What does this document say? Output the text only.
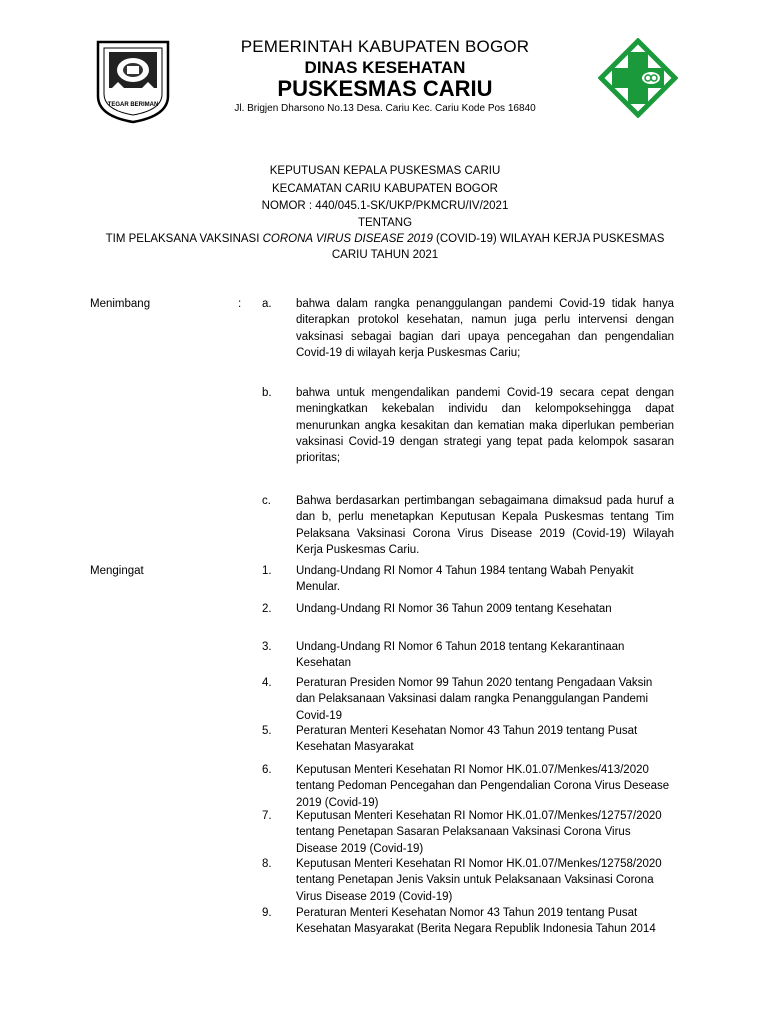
TEGAR BERIMAN
PEMERINTAH KABUPATEN BOGOR
DINAS KESEHATAN
PUSKESMAS CARIU
Jl. Brigjen Dharsono No.13 Desa. Cariu Kec. Cariu Kode Pos 16840
KEPUTUSAN KEPALA PUSKESMAS CARIU
KECAMATAN CARIU KABUPATEN BOGOR
NOMOR : 440/045.1-SK/UKP/PKMCRU/IV/2021
TENTANG
TIM PELAKSANA VAKSINASI CORONA VIRUS DISEASE 2019 (COVID-19) WILAYAH KERJA PUSKESMAS
CARIU TAHUN 2021
Menimbang	: a. bahwa dalam rangka penanggulangan pandemi Covid-19 tidak hanya diterapkan protokol kesehatan, namun juga perlu intervensi dengan vaksinasi sebagai bagian dari upaya pencegahan dan pengendalian Covid-19 di wilayah kerja Puskesmas Cariu;
b. bahwa untuk mengendalikan pandemi Covid-19 secara cepat dengan meningkatkan kekebalan individu dan kelompoksehingga dapat menurunkan angka kesakitan dan kematian maka diperlukan pemberian vaksinasi Covid-19 dengan strategi yang tepat pada kelompok sasaran prioritas;
c. Bahwa berdasarkan pertimbangan sebagaimana dimaksud pada huruf a dan b, perlu menetapkan Keputusan Kepala Puskesmas tentang Tim Pelaksana Vaksinasi Corona Virus Disease 2019 (Covid-19) Wilayah Kerja Puskesmas Cariu.
Mengingat	1. Undang-Undang RI Nomor 4 Tahun 1984 tentang Wabah Penyakit
Menular.
2. Undang-Undang RI Nomor 36 Tahun 2009 tentang Kesehatan
3. Undang-Undang RI Nomor 6 Tahun 2018 tentang Kekarantinaan
Kesehatan
4. Peraturan Presiden Nomor 99 Tahun 2020 tentang Pengadaan Vaksin
dan Pelaksanaan Vaksinasi dalam rangka Penanggulangan Pandemi
Covid-19
5. Peraturan Menteri Kesehatan Nomor 43 Tahun 2019 tentang Pusat
Kesehatan Masyarakat
6. Keputusan Menteri Kesehatan RI Nomor HK.01.07/Menkes/413/2020
tentang Pedoman Pencegahan dan Pengendalian Corona Virus Desease
2019 (Covid-19)
7. Keputusan Menteri Kesehatan RI Nomor HK.01.07/Menkes/12757/2020
tentang Penetapan Sasaran Pelaksanaan Vaksinasi Corona Virus
Disease 2019 (Covid-19)
8. Keputusan Menteri Kesehatan RI Nomor HK.01.07/Menkes/12758/2020
tentang Penetapan Jenis Vaksin untuk Pelaksanaan Vaksinasi Corona
Virus Disease 2019 (Covid-19)
9. Peraturan Menteri Kesehatan Nomor 43 Tahun 2019 tentang Pusat
Kesehatan Masyarakat (Berita Negara Republik Indonesia Tahun 2014
